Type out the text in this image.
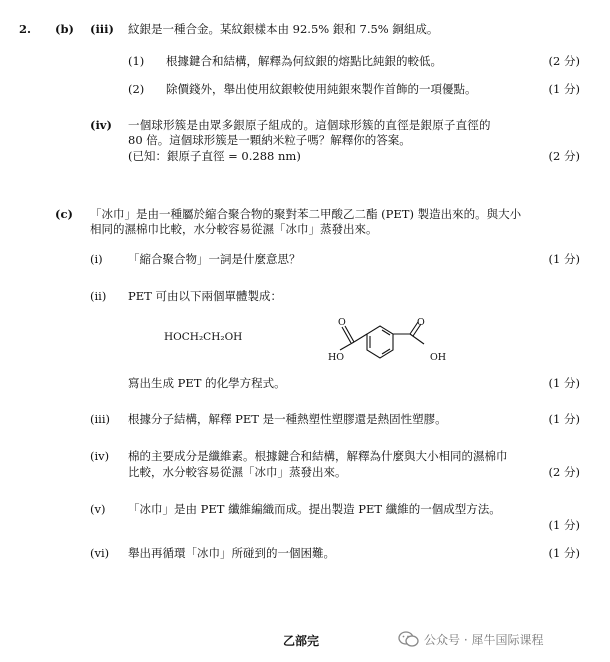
2. (b) (iii) 紋銀是一種合金。某紋銀樣本由 92.5% 銀和 7.5% 銅組成。
(1) 根據鍵合和結構，解釋為何紋銀的熔點比純銀的較低。	(2 分)
(2) 除價錢外，舉出使用紋銀較使用純銀來製作首飾的一項優點。	(1 分)
(iv) 一個球形簇是由眾多銀原子組成的。這個球形簇的直徑是銀原子直徑的
80 倍。這個球形簇是一顆納米粒子嗎？解釋你的答案。
(已知：銀原子直徑 = 0.288 nm)	(2 分)
(c) 「冰巾」是由一種屬於縮合聚合物的聚對苯二甲酸乙二酯 (PET) 製造出來的。與大小
相同的濕棉巾比較，水分較容易從濕「冰巾」蒸發出來。
(i) 「縮合聚合物」一詞是什麼意思？	(1 分)
(ii) PET 可由以下兩個單體製成：
HOCH₂CH₂OH
O	O
HO	OH
寫出生成 PET 的化學方程式。	(1 分)
(iii) 根據分子結構，解釋 PET 是一種熱塑性塑膠還是熱固性塑膠。	(1 分)
(iv) 棉的主要成分是纖維素。根據鍵合和結構，解釋為什麼與大小相同的濕棉巾
比較，水分較容易從濕「冰巾」蒸發出來。	(2 分)
(v) 「冰巾」是由 PET 纖維編織而成。提出製造 PET 纖維的一個成型方法。
(1 分)
(vi) 舉出再循環「冰巾」所碰到的一個困難。	(1 分)
乙部完	公众号 · 犀牛国际课程
